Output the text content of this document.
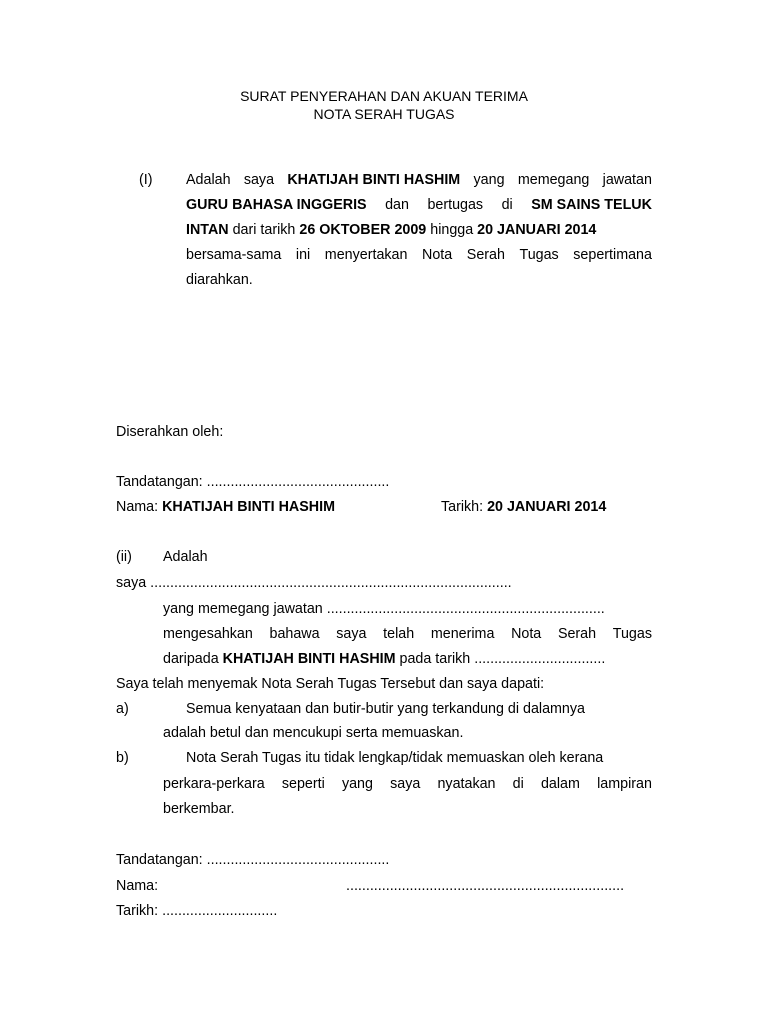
SURAT PENYERAHAN DAN AKUAN TERIMA
NOTA SERAH TUGAS
(I) Adalah saya KHATIJAH BINTI HASHIM yang memegang jawatan
GURU BAHASA INGGERIS dan bertugas di SM SAINS TELUK
INTAN dari tarikh 26 OKTOBER 2009 hingga 20 JANUARI 2014
bersama-sama ini menyertakan Nota Serah Tugas sepertimana
diarahkan.
Diserahkan oleh:
Tandatangan: ..............................................
Nama: KHATIJAH BINTI HASHIM	Tarikh: 20 JANUARI 2014
(ii) Adalah
saya ...........................................................................................
yang memegang jawatan ......................................................................
mengesahkan bahawa saya telah menerima Nota Serah Tugas
daripada KHATIJAH BINTI HASHIM pada tarikh .................................
Saya telah menyemak Nota Serah Tugas Tersebut dan saya dapati:
a)	Semua kenyataan dan butir-butir yang terkandung di dalamnya
adalah betul dan mencukupi serta memuaskan.
b)	Nota Serah Tugas itu tidak lengkap/tidak memuaskan oleh kerana
perkara-perkara seperti yang saya nyatakan di dalam lampiran
berkembar.
Tandatangan: ..............................................
Nama:	......................................................................
Tarikh: .............................
